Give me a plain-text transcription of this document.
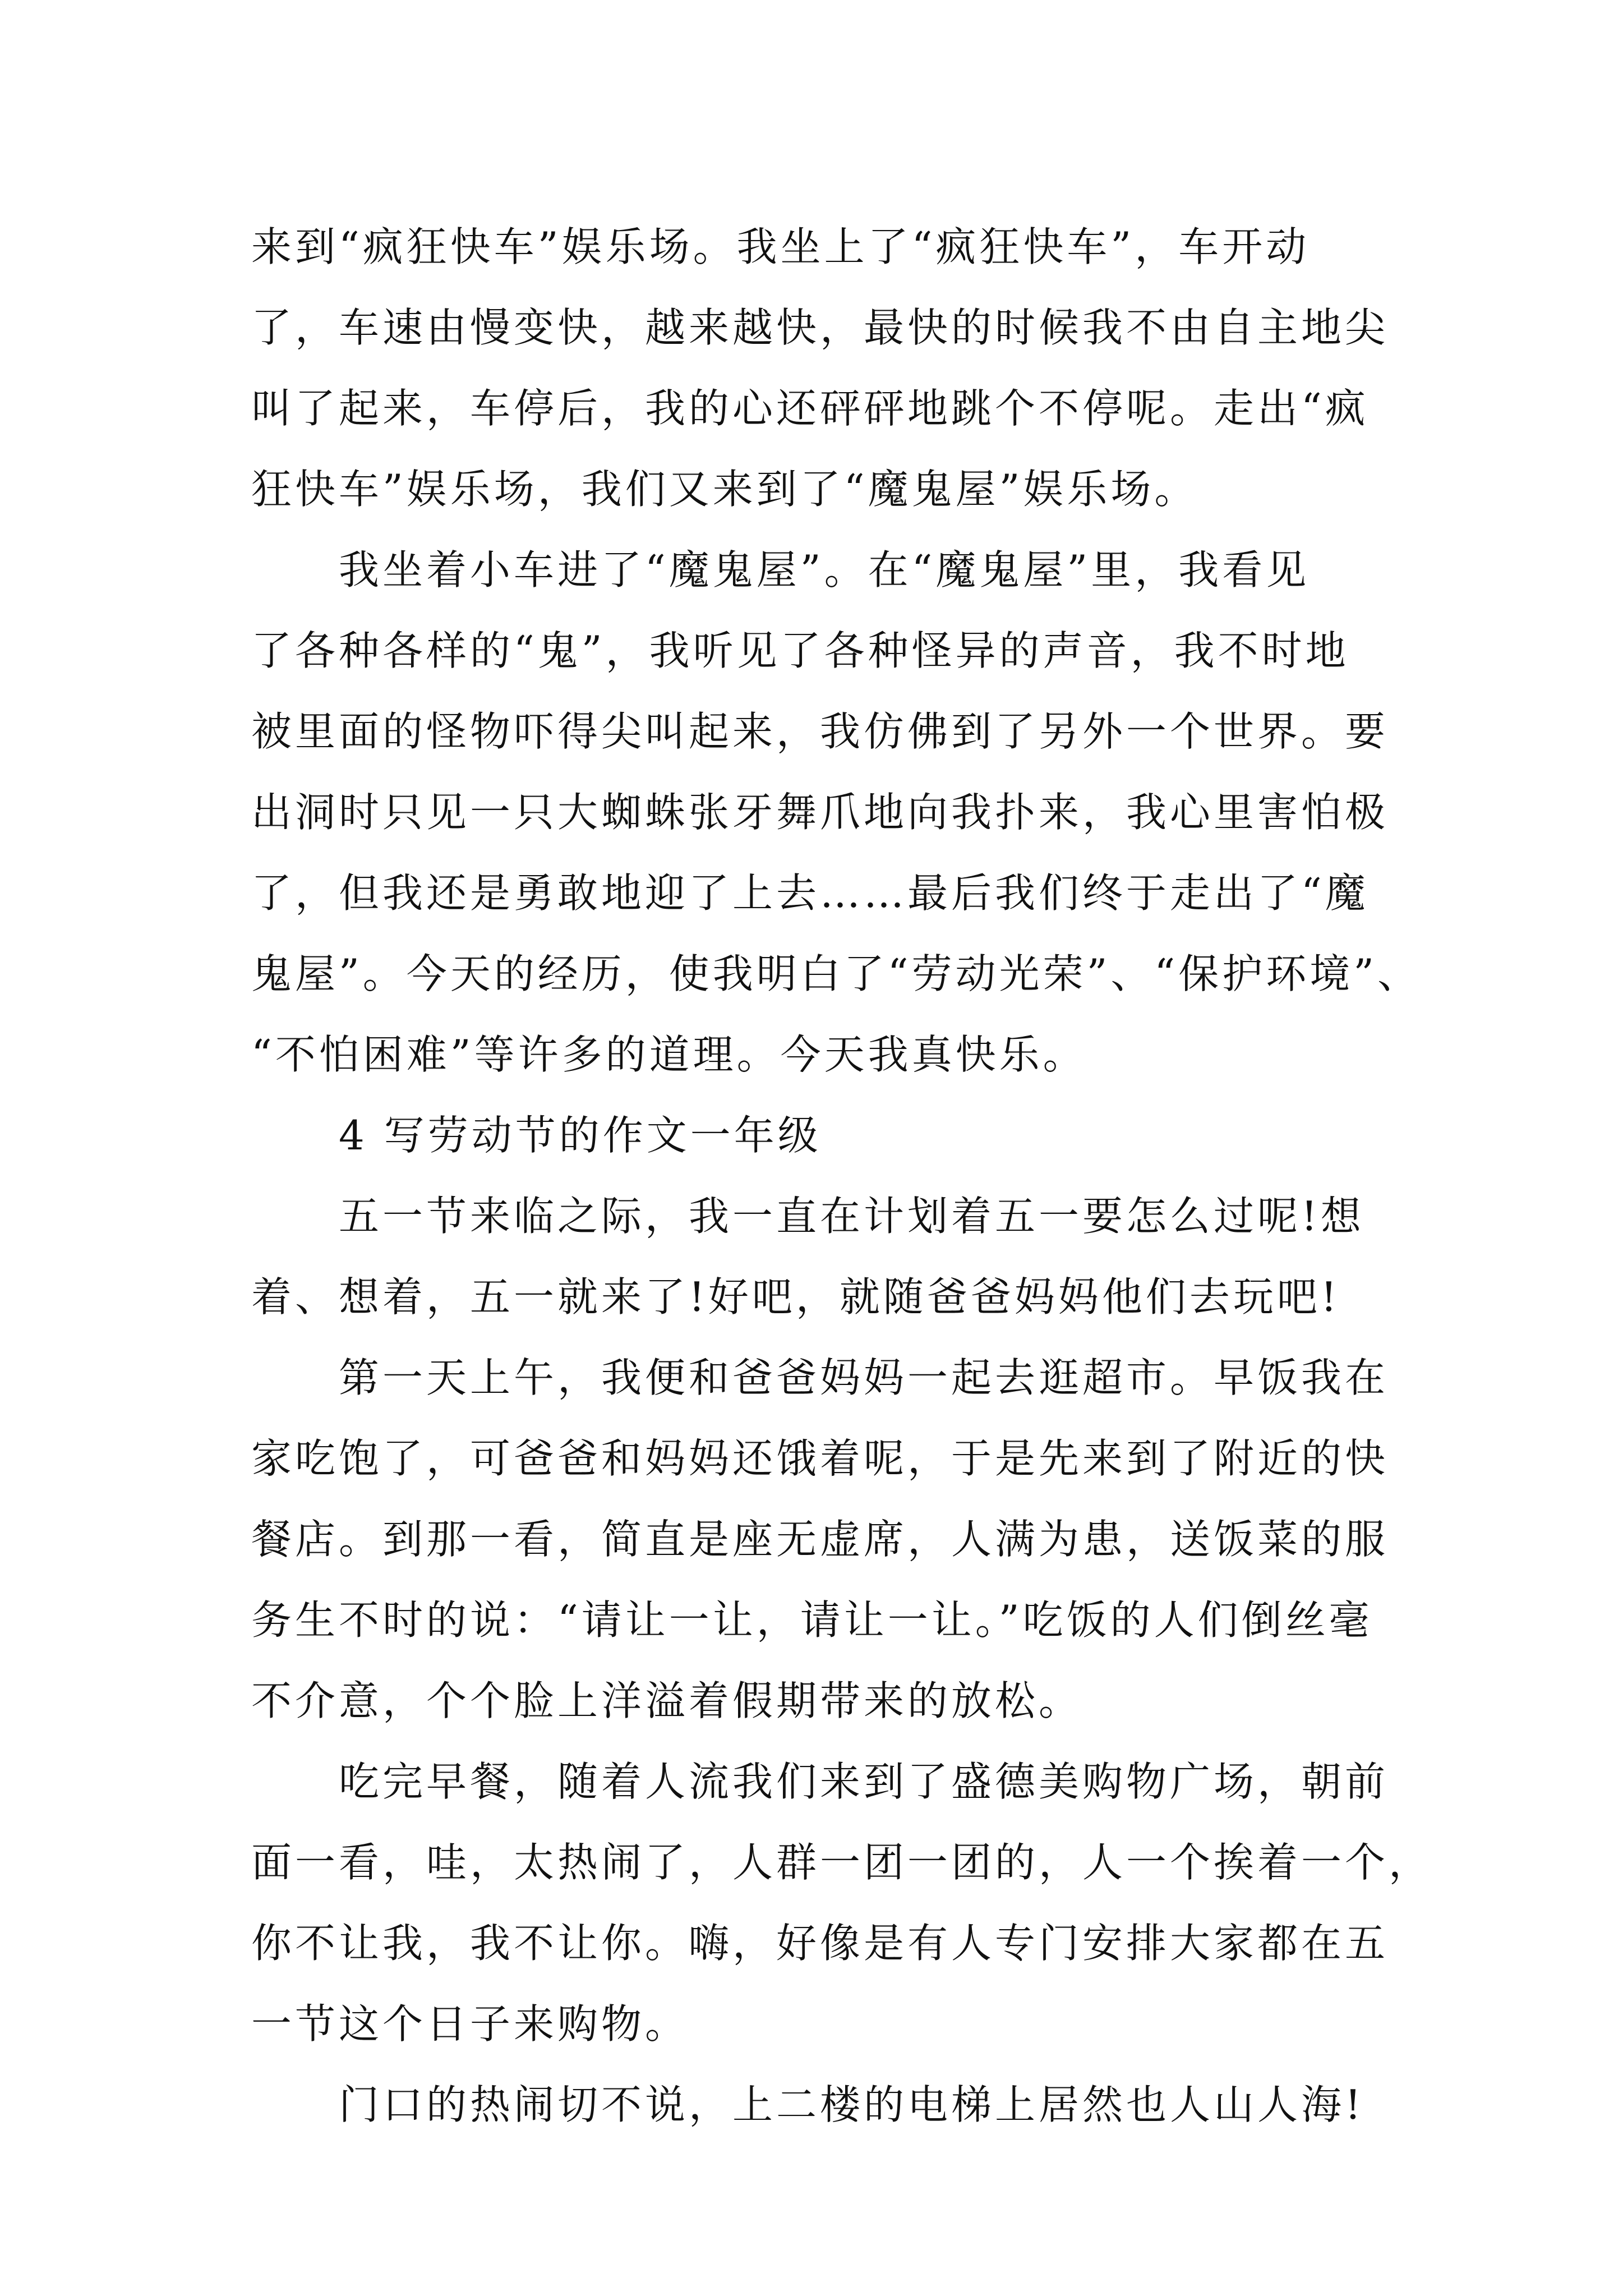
来到“疯狂快车”娱乐场。我坐上了“疯狂快车”，车开动
了，车速由慢变快，越来越快，最快的时候我不由自主地尖
叫了起来，车停后，我的心还砰砰地跳个不停呢。走出“疯
狂快车”娱乐场，我们又来到了“魔鬼屋”娱乐场。
我坐着小车进了“魔鬼屋”。在“魔鬼屋”里，我看见
了各种各样的“鬼”，我听见了各种怪异的声音，我不时地
被里面的怪物吓得尖叫起来，我仿佛到了另外一个世界。要
出洞时只见一只大蜘蛛张牙舞爪地向我扑来，我心里害怕极
了，但我还是勇敢地迎了上去……最后我们终于走出了“魔
鬼屋”。今天的经历，使我明白了“劳动光荣”、“保护环境”、
“不怕困难”等许多的道理。今天我真快乐。
4 写劳动节的作文一年级
五一节来临之际，我一直在计划着五一要怎么过呢!想
着、想着，五一就来了!好吧，就随爸爸妈妈他们去玩吧!
第一天上午，我便和爸爸妈妈一起去逛超市。早饭我在
家吃饱了，可爸爸和妈妈还饿着呢，于是先来到了附近的快
餐店。到那一看，简直是座无虚席，人满为患，送饭菜的服
务生不时的说：“请让一让，请让一让。”吃饭的人们倒丝毫
不介意，个个脸上洋溢着假期带来的放松。
吃完早餐，随着人流我们来到了盛德美购物广场，朝前
面一看，哇，太热闹了，人群一团一团的，人一个挨着一个，
你不让我，我不让你。嗨，好像是有人专门安排大家都在五
一节这个日子来购物。
门口的热闹切不说，上二楼的电梯上居然也人山人海!
